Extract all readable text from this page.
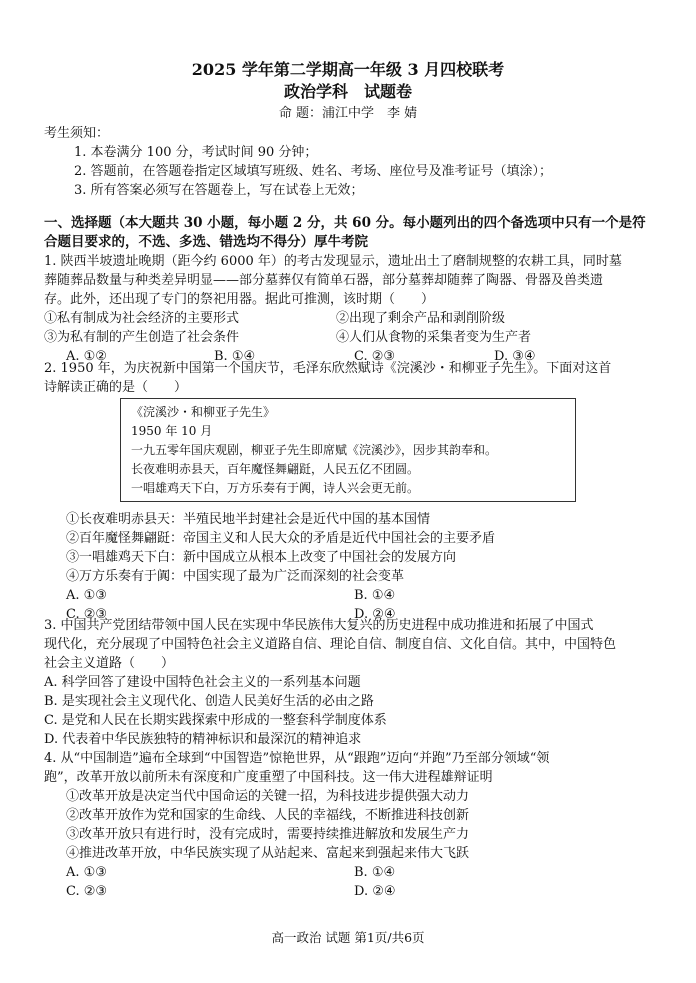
2025 学年第二学期高一年级 3 月四校联考
政治学科　试题卷
命 题：浦江中学　李 婧
考生须知：
1. 本卷满分 100 分，考试时间 90 分钟；
2. 答题前，在答题卷指定区域填写班级、姓名、考场、座位号及准考证号（填涂）；
3. 所有答案必须写在答题卷上，写在试卷上无效；
一、选择题（本大题共 30 小题，每小题 2 分，共 60 分。每小题列出的四个备选项中只有一个是符
合题目要求的，不选、多选、错选均不得分）厚牛考院
1. 陕西半坡遗址晚期（距今约 6000 年）的考古发现显示，遗址出土了磨制规整的农耕工具，同时墓
葬随葬品数量与种类差异明显——部分墓葬仅有简单石器，部分墓葬却随葬了陶器、骨器及兽类遗
存。此外，还出现了专门的祭祀用器。据此可推测，该时期（　　）
①私有制成为社会经济的主要形式	②出现了剩余产品和剥削阶级
③为私有制的产生创造了社会条件	④人们从食物的采集者变为生产者
A. ①②	B. ①④	C. ②③	D. ③④
2. 1950 年，为庆祝新中国第一个国庆节，毛泽东欣然赋诗《浣溪沙・和柳亚子先生》。下面对这首
诗解读正确的是（　　）
《浣溪沙・和柳亚子先生》
1950 年 10 月
一九五零年国庆观剧，柳亚子先生即席赋《浣溪沙》，因步其韵奉和。
长夜难明赤县天，百年魔怪舞翩跹，人民五亿不团圆。
一唱雄鸡天下白，万方乐奏有于阗，诗人兴会更无前。
①长夜难明赤县天：半殖民地半封建社会是近代中国的基本国情
②百年魔怪舞翩跹：帝国主义和人民大众的矛盾是近代中国社会的主要矛盾
③一唱雄鸡天下白：新中国成立从根本上改变了中国社会的发展方向
④万方乐奏有于阗：中国实现了最为广泛而深刻的社会变革
A. ①③	B. ①④
C. ②③	D. ②④
3. 中国共产党团结带领中国人民在实现中华民族伟大复兴的历史进程中成功推进和拓展了中国式
现代化，充分展现了中国特色社会主义道路自信、理论自信、制度自信、文化自信。其中，中国特色
社会主义道路（　　）
A. 科学回答了建设中国特色社会主义的一系列基本问题
B. 是实现社会主义现代化、创造人民美好生活的必由之路
C. 是党和人民在长期实践探索中形成的一整套科学制度体系
D. 代表着中华民族独特的精神标识和最深沉的精神追求
4. 从“中国制造”遍布全球到“中国智造”惊艳世界，从“跟跑”迈向“并跑”乃至部分领域“领
跑”，改革开放以前所未有深度和广度重塑了中国科技。这一伟大进程雄辩证明
①改革开放是决定当代中国命运的关键一招，为科技进步提供强大动力
②改革开放作为党和国家的生命线、人民的幸福线，不断推进科技创新
③改革开放只有进行时，没有完成时，需要持续推进解放和发展生产力
④推进改革开放，中华民族实现了从站起来、富起来到强起来伟大飞跃
A. ①③	B. ①④
C. ②③	D. ②④
高一政治 试题 第1页/共6页
